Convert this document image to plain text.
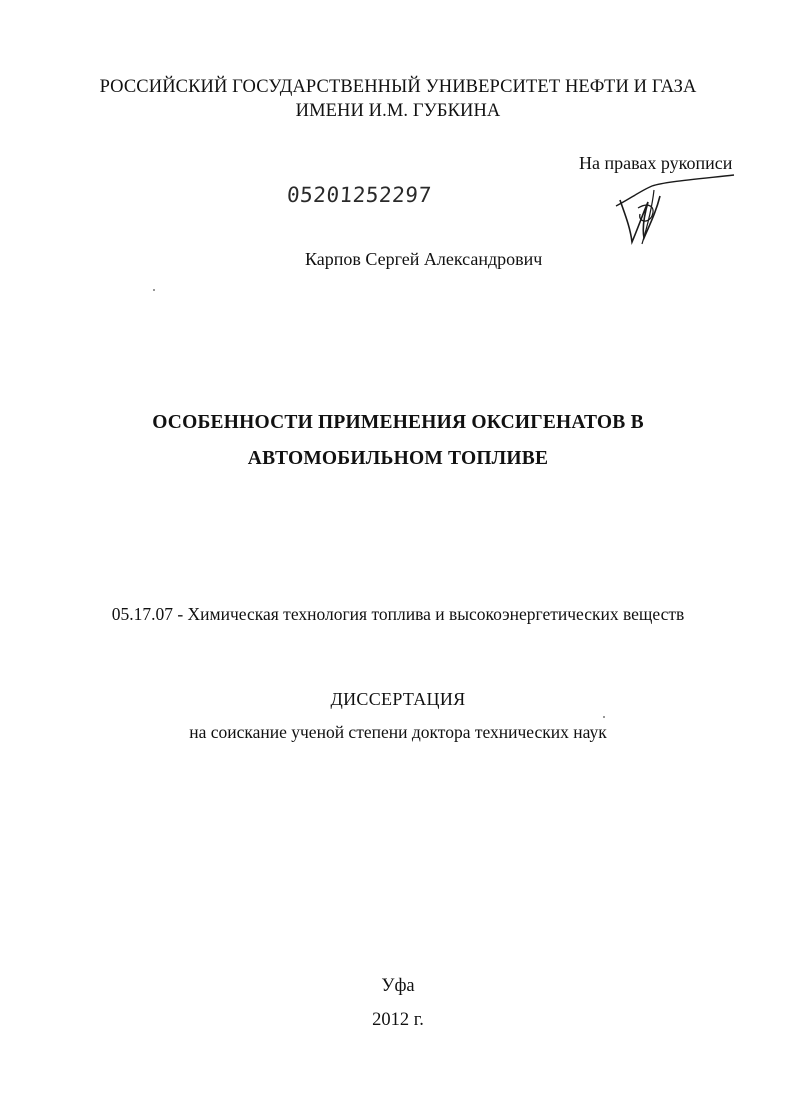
РОССИЙСКИЙ ГОСУДАРСТВЕННЫЙ УНИВЕРСИТЕТ НЕФТИ И ГАЗА
ИМЕНИ И.М. ГУБКИНА
На правах рукописи
05201252297
Карпов Сергей Александрович
ОСОБЕННОСТИ ПРИМЕНЕНИЯ ОКСИГЕНАТОВ В
АВТОМОБИЛЬНОМ ТОПЛИВЕ
05.17.07 - Химическая технология топлива и высокоэнергетических веществ
ДИССЕРТАЦИЯ
на соискание ученой степени доктора технических наук
Уфа
2012 г.
